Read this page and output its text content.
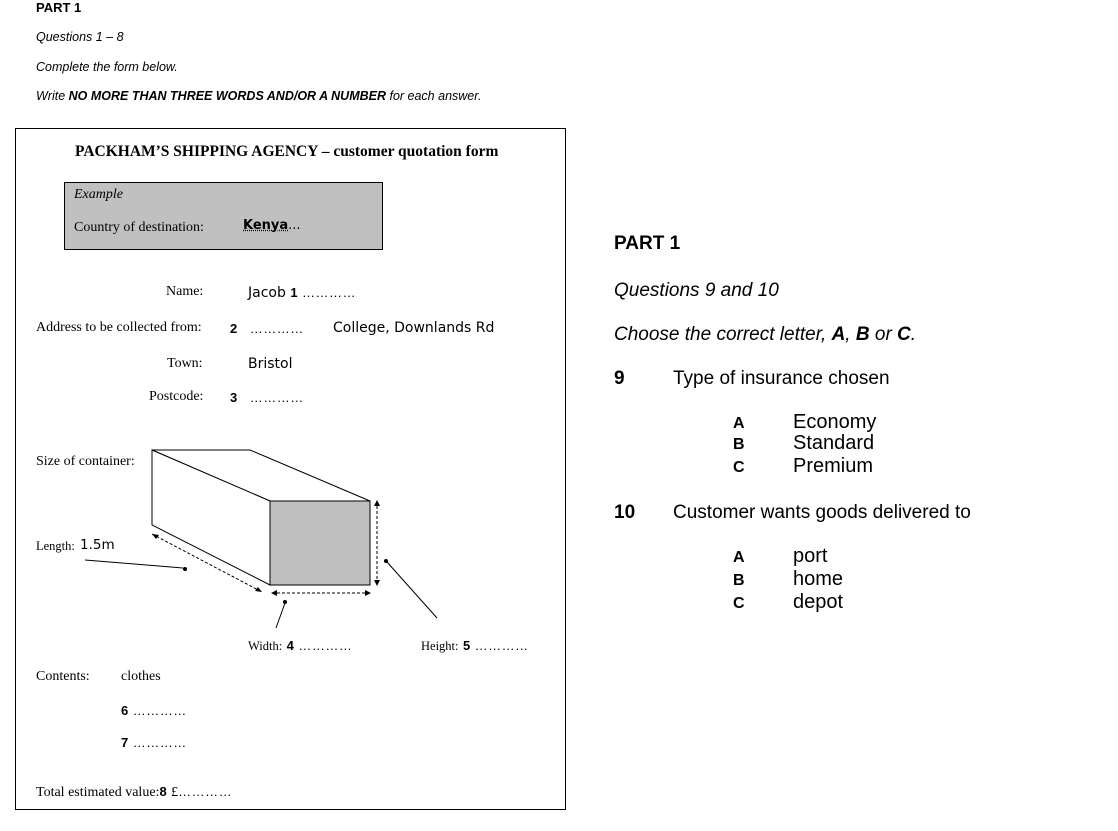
PART 1
Questions 1 – 8
Complete the form below.
Write NO MORE THAN THREE WORDS AND/OR A NUMBER for each answer.
PACKHAM’S SHIPPING AGENCY – customer quotation form
Example
Country of destination:	Kenya...
Name:	Jacob 1 …………
Address to be collected from: 2 ………… College, Downlands Rd
Town:	Bristol
Postcode: 3 …………
Size of container:
Length: 1.5m
Width: 4 …………	Height: 5 …………
Contents: clothes
6 …………
7 …………
Total estimated value:8 £…………
PART 1
Questions 9 and 10
Choose the correct letter, A, B or C.
9	Type of insurance chosen
A Economy
B Standard
C Premium
10 Customer wants goods delivered to
A port
B home
C depot
